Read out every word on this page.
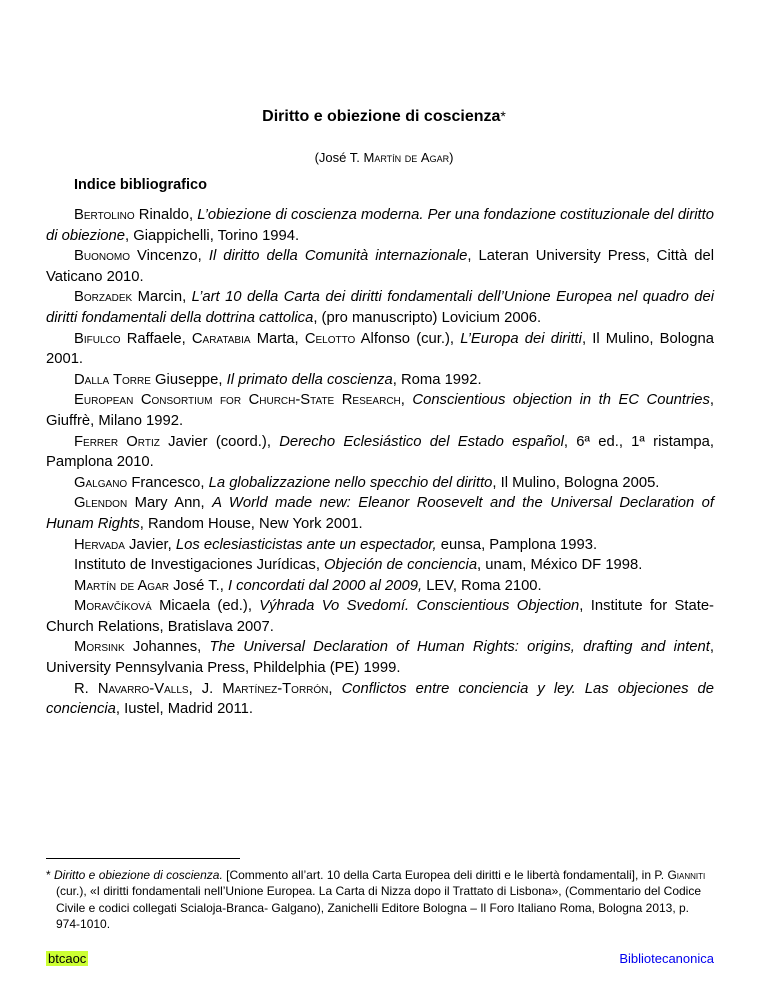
Diritto e obiezione di coscienza*
(José T. Martín de Agar)
Indice bibliografico

Bertolino Rinaldo, L’obiezione di coscienza moderna. Per una fondazione costituzionale del diritto di obiezione, Giappichelli, Torino 1994.

Buonomo Vincenzo, Il diritto della Comunità internazionale, Lateran University Press, Città del Vaticano 2010.

Borzadek Marcin, L’art 10 della Carta dei diritti fondamentali dell’Unione Europea nel quadro dei diritti fondamentali della dottrina cattolica, (pro manuscripto) Lovicium 2006.

Bifulco Raffaele, Caratabia Marta, Celotto Alfonso (cur.), L’Europa dei diritti, Il Mulino, Bologna 2001.

Dalla Torre Giuseppe, Il primato della coscienza, Roma 1992.

European Consortium for Church-State Research, Conscientious objection in th EC Countries, Giuffrè, Milano 1992.

Ferrer Ortiz Javier (coord.), Derecho Eclesiástico del Estado español, 6ª ed., 1ª ristampa, Pamplona 2010.

Galgano Francesco, La globalizzazione nello specchio del diritto, Il Mulino, Bologna 2005.

Glendon Mary Ann, A World made new: Eleanor Roosevelt and the Universal Declaration of Hunam Rights, Random House, New York 2001.

Hervada Javier, Los eclesiasticistas ante un espectador, eunsa, Pamplona 1993.

Instituto de Investigaciones Jurídicas, Objeción de conciencia, unam, México DF 1998.

Martín de Agar José T., I concordati dal 2000 al 2009, LEV, Roma 2100.

Moravčíková Micaela (ed.), Výhrada Vo Svedomí. Conscientious Objection, Institute for State-Church Relations, Bratislava 2007.

Morsink Johannes, The Universal Declaration of Human Rights: origins, drafting and intent, University Pennsylvania Press, Phildelphia (PE) 1999.

R. Navarro-Valls, J. Martínez-Torrón, Conflictos entre conciencia y ley. Las objeciones de conciencia, Iustel, Madrid 2011.

* Diritto e obiezione di coscienza. [Commento all’art. 10 della Carta Europea deli diritti e le libertà fondamentali], in P. Gianniti (cur.), «I diritti fondamentali nell’Unione Europea. La Carta di Nizza dopo il Trattato di Lisbona», (Commentario del Codice Civile e codici collegati Scialoja-Branca- Galgano), Zanichelli Editore Bologna – Il Foro Italiano Roma, Bologna 2013, p. 974-1010.
btcaoc	Bibliotecanonica
